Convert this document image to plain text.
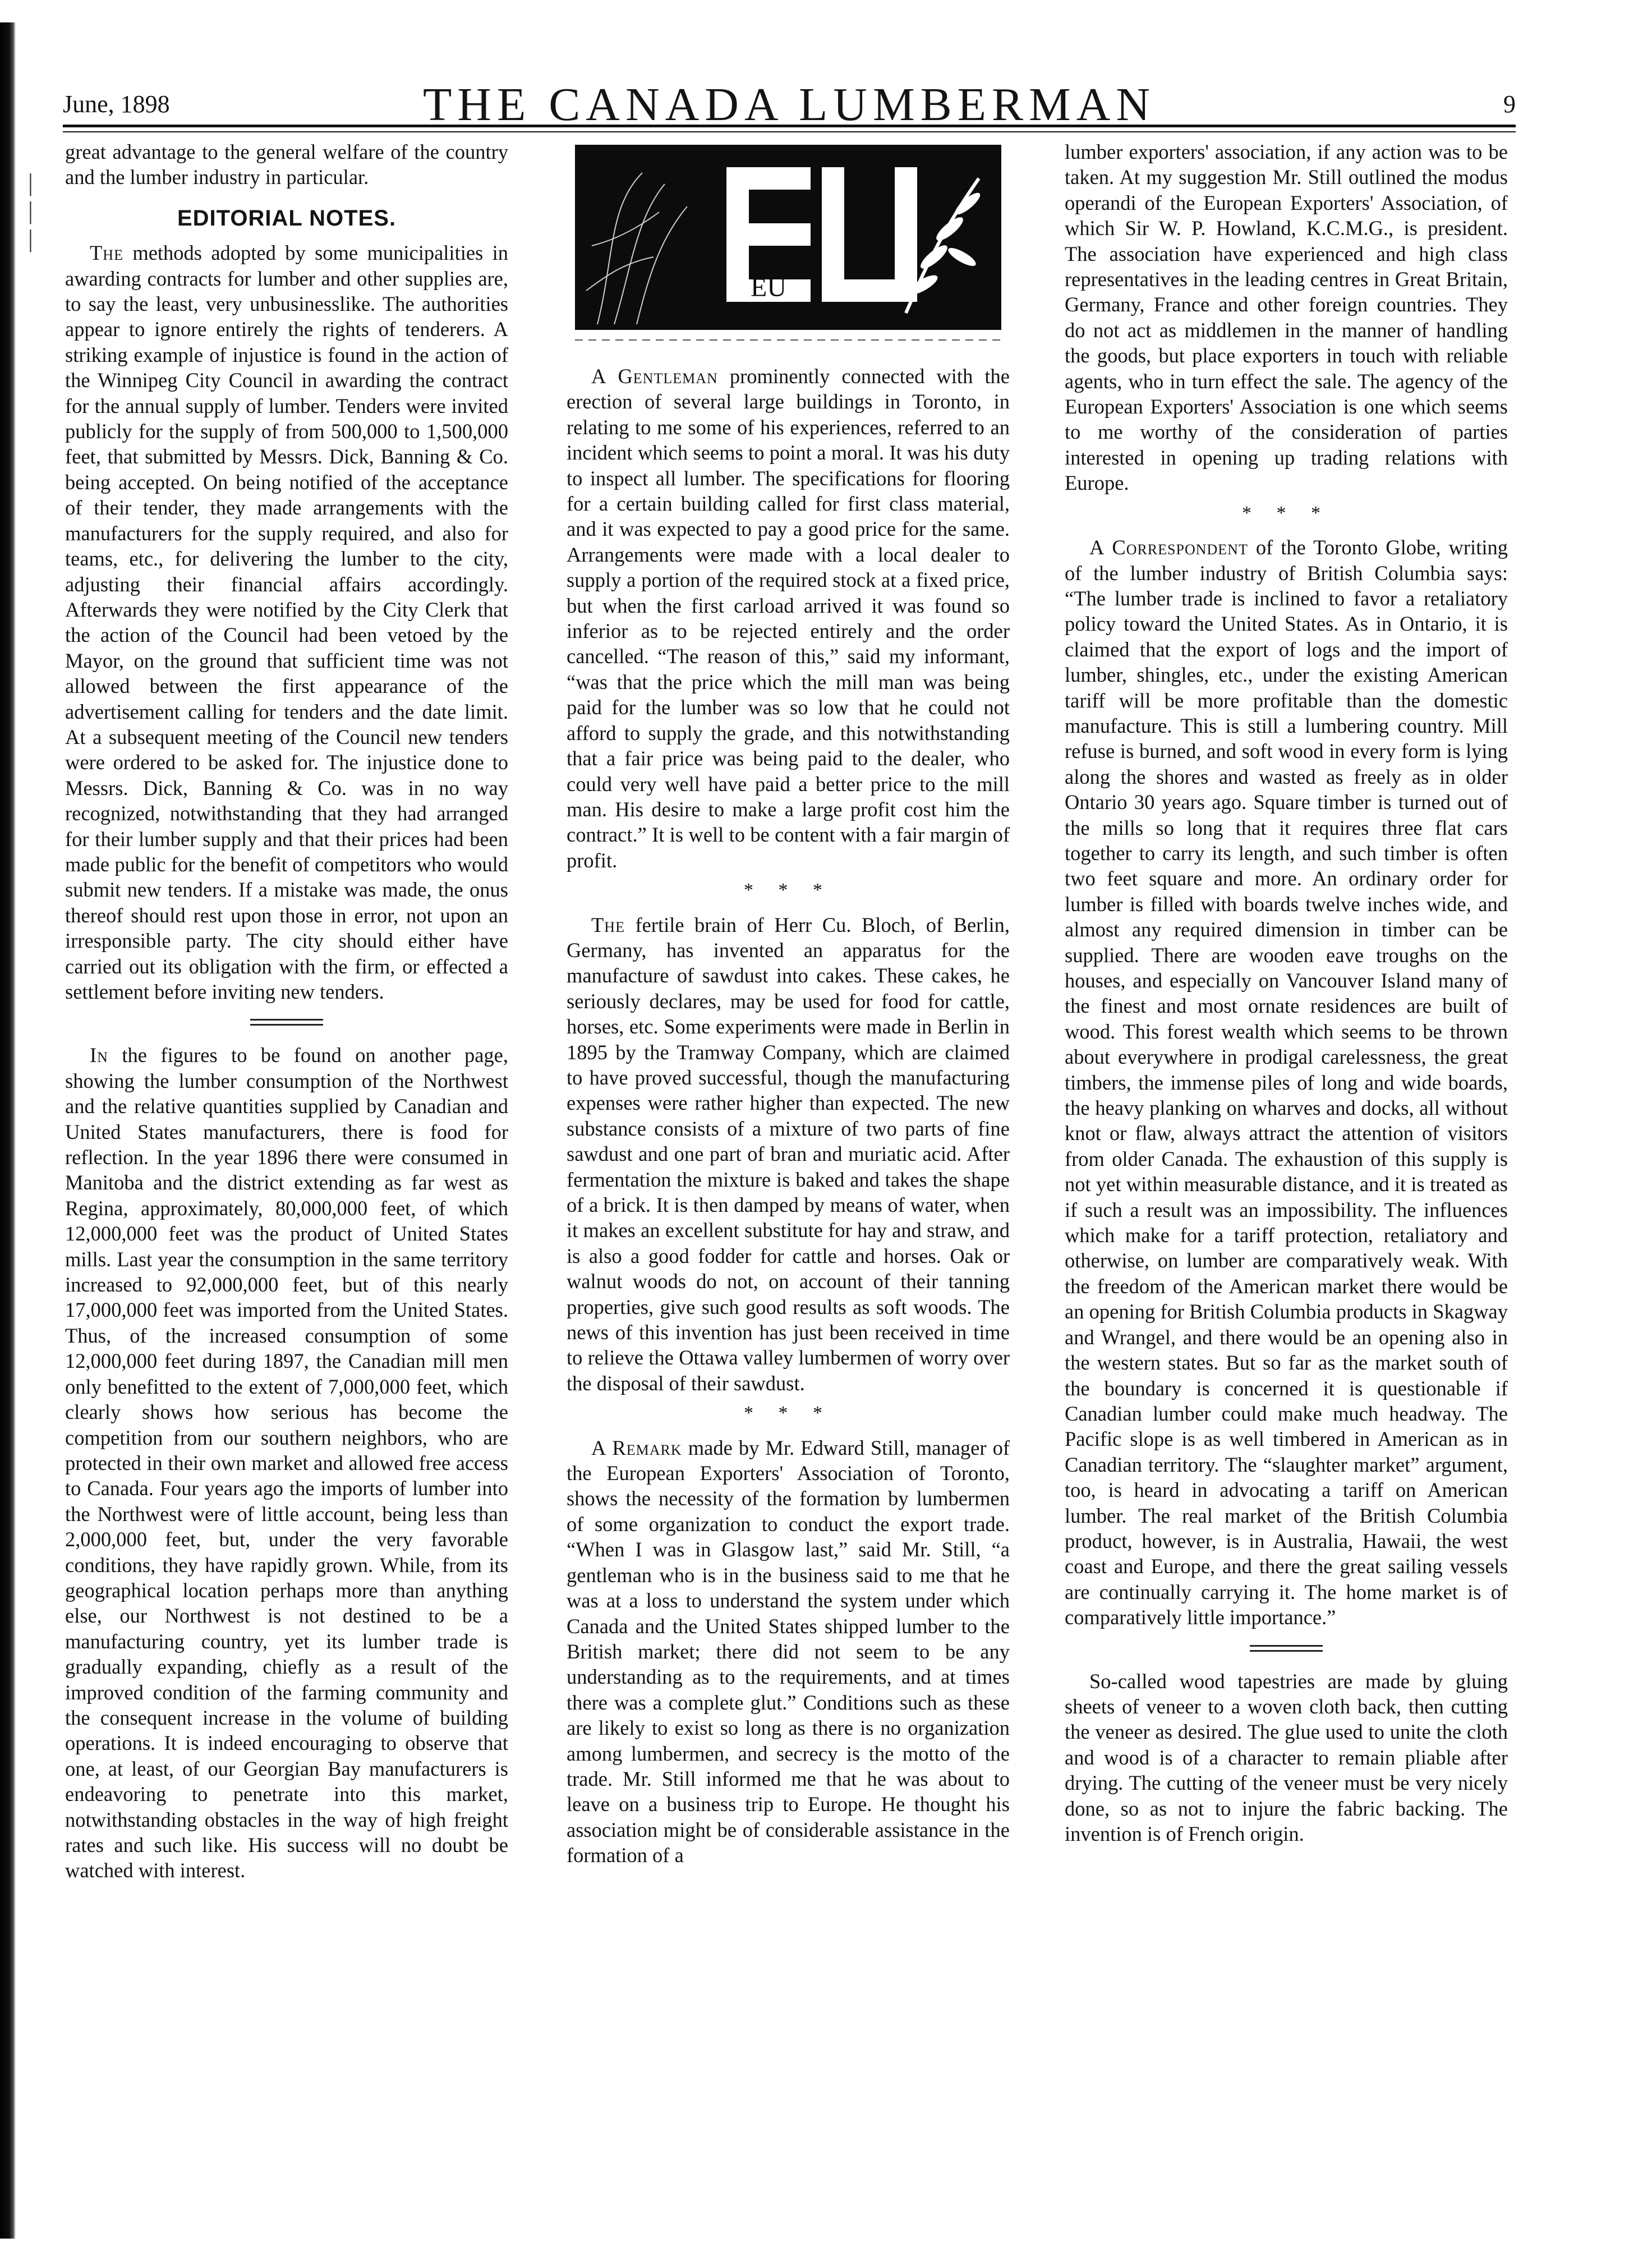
|
|
|
June, 1898	THE CANADA LUMBERMAN	9

great advantage to the general welfare of the country and the lumber industry in particular.

EDITORIAL NOTES.

The methods adopted by some municipalities in awarding contracts for lumber and other supplies are, to say the least, very unbusinesslike. The authorities appear to ignore entirely the rights of tenderers. A striking example of injustice is found in the action of the Winnipeg City Council in awarding the contract for the annual supply of lumber. Tenders were invited publicly for the supply of from 500,000 to 1,500,000 feet, that submitted by Messrs. Dick, Banning & Co. being accepted. On being notified of the acceptance of their tender, they made arrangements with the manufacturers for the supply required, and also for teams, etc., for delivering the lumber to the city, adjusting their financial affairs accordingly. Afterwards they were notified by the City Clerk that the action of the Council had been vetoed by the Mayor, on the ground that sufficient time was not allowed between the first appearance of the advertisement calling for tenders and the date limit. At a subsequent meeting of the Council new tenders were ordered to be asked for. The injustice done to Messrs. Dick, Banning & Co. was in no way recognized, notwithstanding that they had arranged for their lumber supply and that their prices had been made public for the benefit of competitors who would submit new tenders. If a mistake was made, the onus thereof should rest upon those in error, not upon an irresponsible party. The city should either have carried out its obligation with the firm, or effected a settlement before inviting new tenders.

In the figures to be found on another page, showing the lumber consumption of the Northwest and the relative quantities supplied by Canadian and United States manufacturers, there is food for reflection. In the year 1896 there were consumed in Manitoba and the district extending as far west as Regina, approximately, 80,000,000 feet, of which 12,000,000 feet was the product of United States mills. Last year the consumption in the same territory increased to 92,000,000 feet, but of this nearly 17,000,000 feet was imported from the United States. Thus, of the increased consumption of some 12,000,000 feet during 1897, the Canadian mill men only benefitted to the extent of 7,000,000 feet, which clearly shows how serious has become the competition from our southern neighbors, who are protected in their own market and allowed free access to Canada. Four years ago the imports of lumber into the Northwest were of little account, being less than 2,000,000 feet, but, under the very favorable conditions, they have rapidly grown. While, from its geographical location perhaps more than anything else, our Northwest is not destined to be a manufacturing country, yet its lumber trade is gradually expanding, chiefly as a result of the improved condition of the farming community and the consequent increase in the volume of building operations. It is indeed encouraging to observe that one, at least, of our Georgian Bay manufacturers is endeavoring to penetrate into this market, notwithstanding obstacles in the way of high freight rates and such like. His success will no doubt be watched with interest.

EU

A Gentleman prominently connected with the erection of several large buildings in Toronto, in relating to me some of his experiences, referred to an incident which seems to point a moral. It was his duty to inspect all lumber. The specifications for flooring for a certain building called for first class material, and it was expected to pay a good price for the same. Arrangements were made with a local dealer to supply a portion of the required stock at a fixed price, but when the first carload arrived it was found so inferior as to be rejected entirely and the order cancelled. “The reason of this,” said my informant, “was that the price which the mill man was being paid for the lumber was so low that he could not afford to supply the grade, and this notwithstanding that a fair price was being paid to the dealer, who could very well have paid a better price to the mill man. His desire to make a large profit cost him the contract.” It is well to be content with a fair margin of profit.

* * *

The fertile brain of Herr Cu. Bloch, of Berlin, Germany, has invented an apparatus for the manufacture of sawdust into cakes. These cakes, he seriously declares, may be used for food for cattle, horses, etc. Some experiments were made in Berlin in 1895 by the Tramway Company, which are claimed to have proved successful, though the manufacturing expenses were rather higher than expected. The new substance consists of a mixture of two parts of fine sawdust and one part of bran and muriatic acid. After fermentation the mixture is baked and takes the shape of a brick. It is then damped by means of water, when it makes an excellent substitute for hay and straw, and is also a good fodder for cattle and horses. Oak or walnut woods do not, on account of their tanning properties, give such good results as soft woods. The news of this invention has just been received in time to relieve the Ottawa valley lumbermen of worry over the disposal of their sawdust.

* * *

A Remark made by Mr. Edward Still, manager of the European Exporters' Association of Toronto, shows the necessity of the formation by lumbermen of some organization to conduct the export trade. “When I was in Glasgow last,” said Mr. Still, “a gentleman who is in the business said to me that he was at a loss to understand the system under which Canada and the United States shipped lumber to the British market; there did not seem to be any understanding as to the requirements, and at times there was a complete glut.” Conditions such as these are likely to exist so long as there is no organization among lumbermen, and secrecy is the motto of the trade. Mr. Still informed me that he was about to leave on a business trip to Europe. He thought his association might be of considerable assistance in the formation of a

lumber exporters' association, if any action was to be taken. At my suggestion Mr. Still outlined the modus operandi of the European Exporters' Association, of which Sir W. P. Howland, K.C.M.G., is president. The association have experienced and high class representatives in the leading centres in Great Britain, Germany, France and other foreign countries. They do not act as middlemen in the manner of handling the goods, but place exporters in touch with reliable agents, who in turn effect the sale. The agency of the European Exporters' Association is one which seems to me worthy of the consideration of parties interested in opening up trading relations with Europe.

* * *

A Correspondent of the Toronto Globe, writing of the lumber industry of British Columbia says: “The lumber trade is inclined to favor a retaliatory policy toward the United States. As in Ontario, it is claimed that the export of logs and the import of lumber, shingles, etc., under the existing American tariff will be more profitable than the domestic manufacture. This is still a lumbering country. Mill refuse is burned, and soft wood in every form is lying along the shores and wasted as freely as in older Ontario 30 years ago. Square timber is turned out of the mills so long that it requires three flat cars together to carry its length, and such timber is often two feet square and more. An ordinary order for lumber is filled with boards twelve inches wide, and almost any required dimension in timber can be supplied. There are wooden eave troughs on the houses, and especially on Vancouver Island many of the finest and most ornate residences are built of wood. This forest wealth which seems to be thrown about everywhere in prodigal carelessness, the great timbers, the immense piles of long and wide boards, the heavy planking on wharves and docks, all without knot or flaw, always attract the attention of visitors from older Canada. The exhaustion of this supply is not yet within measurable distance, and it is treated as if such a result was an impossibility. The influences which make for a tariff protection, retaliatory and otherwise, on lumber are comparatively weak. With the freedom of the American market there would be an opening for British Columbia products in Skagway and Wrangel, and there would be an opening also in the western states. But so far as the market south of the boundary is concerned it is questionable if Canadian lumber could make much headway. The Pacific slope is as well timbered in American as in Canadian territory. The “slaughter market” argument, too, is heard in advocating a tariff on American lumber. The real market of the British Columbia product, however, is in Australia, Hawaii, the west coast and Europe, and there the great sailing vessels are continually carrying it. The home market is of comparatively little importance.”

So-called wood tapestries are made by gluing sheets of veneer to a woven cloth back, then cutting the veneer as desired. The glue used to unite the cloth and wood is of a character to remain pliable after drying. The cutting of the veneer must be very nicely done, so as not to injure the fabric backing. The invention is of French origin.
